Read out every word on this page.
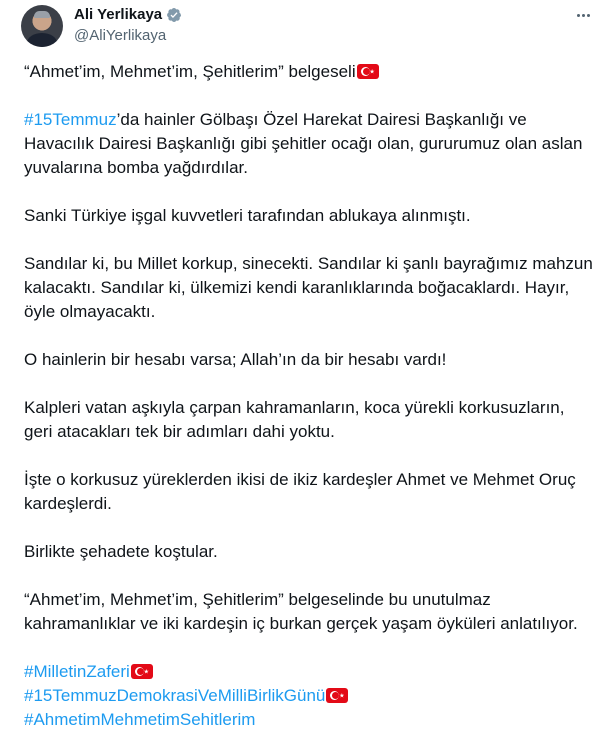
Ali Yerlikaya
@AliYerlikaya

“Ahmet’im, Mehmet’im, Şehitlerim” belgeseli

#15Temmuz’da hainler Gölbaşı Özel Harekat Dairesi Başkanlığı ve Havacılık Dairesi Başkanlığı gibi şehitler ocağı olan, gururumuz olan aslan yuvalarına bomba yağdırdılar.

Sanki Türkiye işgal kuvvetleri tarafından ablukaya alınmıştı.

Sandılar ki, bu Millet korkup, sinecekti. Sandılar ki şanlı bayrağımız mahzun kalacaktı. Sandılar ki, ülkemizi kendi karanlıklarında boğacaklardı. Hayır, öyle olmayacaktı.

O hainlerin bir hesabı varsa; Allah’ın da bir hesabı vardı!

Kalpleri vatan aşkıyla çarpan kahramanların, koca yürekli korkusuzların, geri atacakları tek bir adımları dahi yoktu.

İşte o korkusuz yüreklerden ikisi de ikiz kardeşler Ahmet ve Mehmet Oruç kardeşlerdi.

Birlikte şehadete koştular.

“Ahmet’im, Mehmet’im, Şehitlerim” belgeselinde bu unutulmaz kahramanlıklar ve iki kardeşin iç burkan gerçek yaşam öyküleri anlatılıyor.

#MilletinZaferi

#15TemmuzDemokrasiVeMilliBirlikGünü

#AhmetimMehmetimSehitlerim
